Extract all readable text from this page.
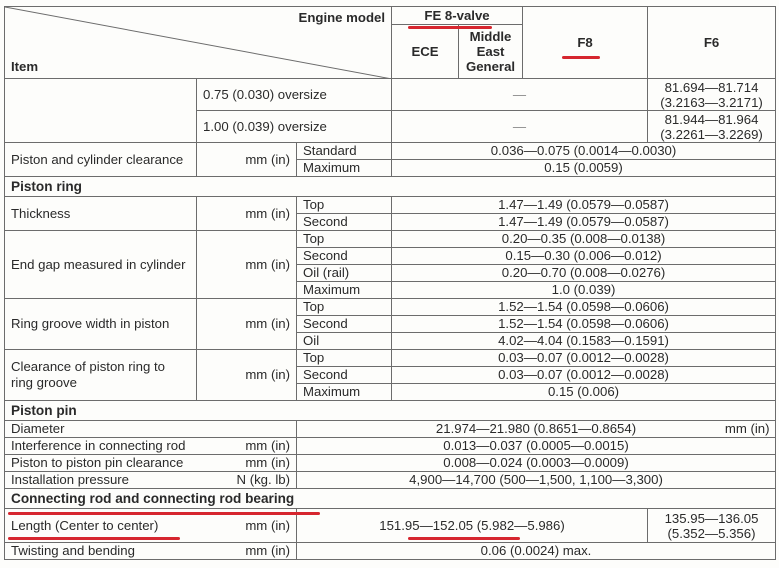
Engine model
Item			FE 8-valve		F8	F6
			ECE	Middle East General		
	0.75 (0.030) oversize		—			81.694—81.714
(3.2163—3.2171)
	1.00 (0.039) oversize		—			81.944—81.964
(3.2261—3.2269)
Piston and cylinder clearance	mm (in)	Standard	0.036—0.075 (0.0014—0.0030)			
		Maximum	0.15 (0.0059)			
Piston ring						
Thickness	mm (in)	Top	1.47—1.49 (0.0579—0.0587)			
		Second	1.47—1.49 (0.0579—0.0587)			
End gap measured in cylinder	mm (in)	Top	0.20—0.35 (0.008—0.0138)			
		Second	0.15—0.30 (0.006—0.012)			
		Oil (rail)	0.20—0.70 (0.008—0.0276)			
		Maximum	1.0 (0.039)			
Ring groove width in piston	mm (in)	Top	1.52—1.54 (0.0598—0.0606)			
		Second	1.52—1.54 (0.0598—0.0606)			
		Oil	4.02—4.04 (0.1583—0.1591)			
Clearance of piston ring to ring groove	mm (in)	Top	0.03—0.07 (0.0012—0.0028)			
		Second	0.03—0.07 (0.0012—0.0028)			
		Maximum	0.15 (0.006)			
Piston pin						
Diameter mm (in)		21.974—21.980 (0.8651—0.8654)				
Interference in connecting rod mm (in)		0.013—0.037 (0.0005—0.0015)				
Piston to piston pin clearance mm (in)		0.008—0.024 (0.0003—0.0009)				
Installation pressure N (kg. lb)		4,900—14,700 (500—1,500, 1,100—3,300)				
Connecting rod and connecting rod bearing						
Length (Center to center) mm (in)		151.95—152.05 (5.982—5.986)				135.95—136.05
(5.352—5.356)
Twisting and bending mm (in)		0.06 (0.0024) max.				
